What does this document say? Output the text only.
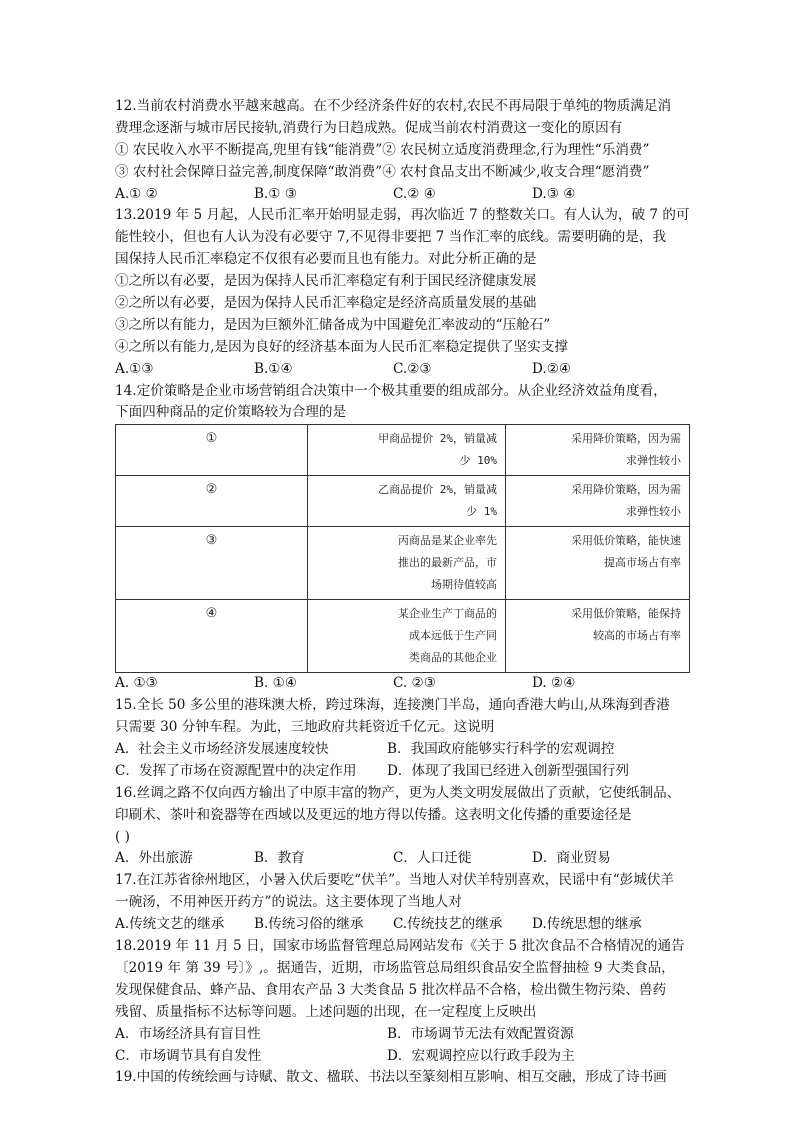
12.当前农村消费水平越来越高。在不少经济条件好的农村,农民不再局限于单纯的物质满足消
费理念逐渐与城市居民接轨,消费行为日趋成熟。促成当前农村消费这一变化的原因有
① 农民收入水平不断提高,兜里有钱“能消费”② 农民树立适度消费理念,行为理性“乐消费”
③ 农村社会保障日益完善,制度保障“敢消费”④ 农村食品支出不断减少,收支合理“愿消费”
A.① ②	B.① ③	C.② ④	D.③ ④
13.2019 年 5 月起，人民币汇率开始明显走弱，再次临近 7 的整数关口。有人认为，破 7 的可
能性较小，但也有人认为没有必要守 7,不见得非要把 7 当作汇率的底线。需要明确的是，我
国保持人民币汇率稳定不仅很有必要而且也有能力。对此分析正确的是
①之所以有必要，是因为保持人民币汇率稳定有利于国民经济健康发展
②之所以有必要，是因为保持人民币汇率稳定是经济高质量发展的基础
③之所以有能力，是因为巨额外汇储备成为中国避免汇率波动的“压舱石”
④之所以有能力,是因为良好的经济基本面为人民币汇率稳定提供了坚实支撑
A.①③	B.①④	C.②③	D.②④
14.定价策略是企业市场营销组合决策中一个极其重要的组成部分。从企业经济效益角度看，
下面四种商品的定价策略较为合理的是
①	甲商品提价 2%，销量减
少 10%	采用降价策略，因为需
求弹性较小

②	乙商品提价 2%，销量减
少 1%	采用降价策略，因为需
求弹性较小

③	丙商品是某企业率先
推出的最新产品，市
场期待值较高	采用低价策略，能快速
提高市场占有率

④	某企业生产丁商品的
成本远低于生产同
类商品的其他企业	采用低价策略，能保持
较高的市场占有率
A. ①③	B. ①④	C. ②③	D. ②④
15.全长 50 多公里的港珠澳大桥，跨过珠海，连接澳门半岛，通向香港大屿山,从珠海到香港
只需要 30 分钟车程。为此，三地政府共耗资近千亿元。这说明
A．社会主义市场经济发展速度较快	B．我国政府能够实行科学的宏观调控
C．发挥了市场在资源配置中的决定作用	D．体现了我国已经进入创新型强国行列
16.丝调之路不仅向西方输出了中原丰富的物产，更为人类文明发展做出了贡献，它使纸制品、
印刷术、茶叶和瓷器等在西域以及更远的地方得以传播。这表明文化传播的重要途径是
( )
A．外出旅游	B．教育	C．人口迁徙	D．商业贸易
17.在江苏省徐州地区，小暑入伏后要吃“伏羊”。当地人对伏羊特别喜欢，民谣中有“彭城伏羊
一碗汤，不用神医开药方”的说法。这主要体现了当地人对
A.传统文艺的继承	B.传统习俗的继承	C.传统技艺的继承	D.传统思想的继承
18.2019 年 11 月 5 日，国家市场监督管理总局网站发布《关于 5 批次食品不合格情况的通告
〔2019 年 第 39 号〕》,。据通告，近期，市场监管总局组织食品安全监督抽检 9 大类食品，
发现保健食品、蜂产品、食用农产品 3 大类食品 5 批次样品不合格，检出微生物污染、兽药
残留、质量指标不达标等问题。上述问题的出现，在一定程度上反映出
A．市场经济具有盲目性	B．市场调节无法有效配置资源
C．市场调节具有自发性	D．宏观调控应以行政手段为主
19.中国的传统绘画与诗赋、散文、楹联、书法以至篆刻相互影响、相互交融，形成了诗书画
